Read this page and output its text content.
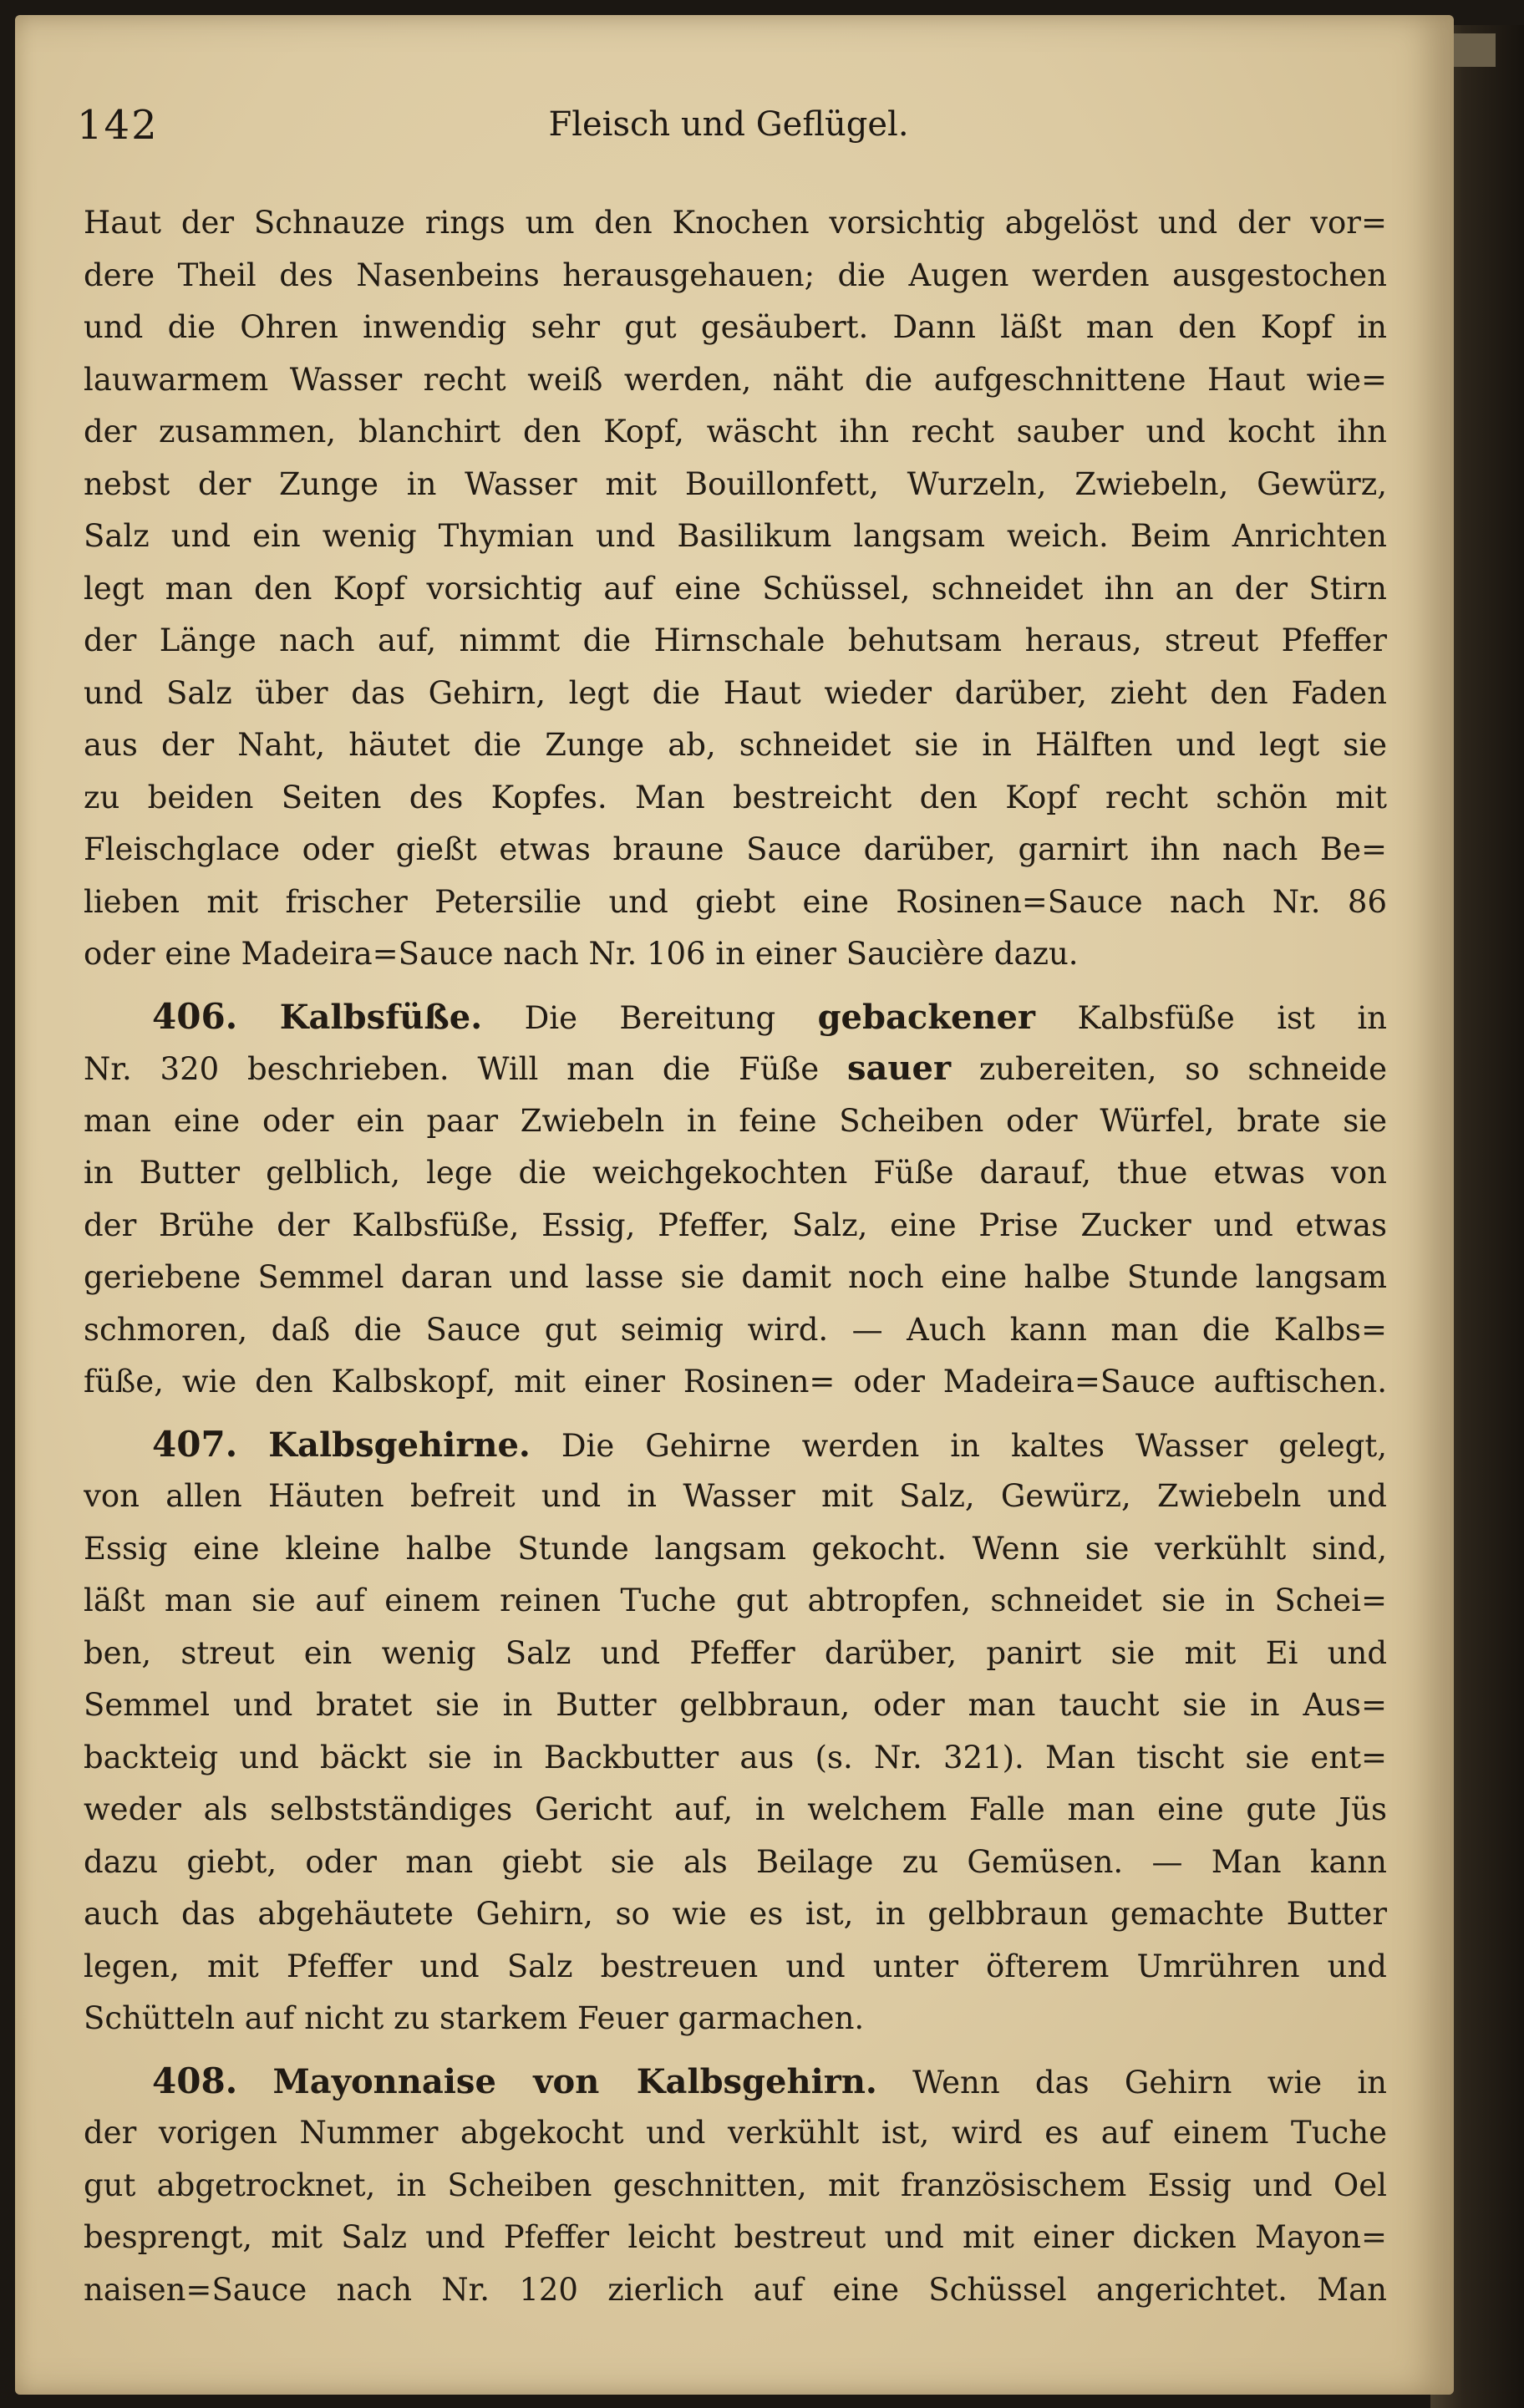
142	Fleisch und Geflügel.
Haut der Schnauze rings um den Knochen vorsichtig abgelöst und der vor=
dere Theil des Nasenbeins herausgehauen; die Augen werden ausgestochen
und die Ohren inwendig sehr gut gesäubert. Dann läßt man den Kopf in
lauwarmem Wasser recht weiß werden, näht die aufgeschnittene Haut wie=
der zusammen, blanchirt den Kopf, wäscht ihn recht sauber und kocht ihn
nebst der Zunge in Wasser mit Bouillonfett, Wurzeln, Zwiebeln, Gewürz,
Salz und ein wenig Thymian und Basilikum langsam weich. Beim Anrichten
legt man den Kopf vorsichtig auf eine Schüssel, schneidet ihn an der Stirn
der Länge nach auf, nimmt die Hirnschale behutsam heraus, streut Pfeffer
und Salz über das Gehirn, legt die Haut wieder darüber, zieht den Faden
aus der Naht, häutet die Zunge ab, schneidet sie in Hälften und legt sie
zu beiden Seiten des Kopfes. Man bestreicht den Kopf recht schön mit
Fleischglace oder gießt etwas braune Sauce darüber, garnirt ihn nach Be=
lieben mit frischer Petersilie und giebt eine Rosinen=Sauce nach Nr. 86
oder eine Madeira=Sauce nach Nr. 106 in einer Saucière dazu.
406. Kalbsfüße. Die Bereitung gebackener Kalbsfüße ist in
Nr. 320 beschrieben. Will man die Füße sauer zubereiten, so schneide
man eine oder ein paar Zwiebeln in feine Scheiben oder Würfel, brate sie
in Butter gelblich, lege die weichgekochten Füße darauf, thue etwas von
der Brühe der Kalbsfüße, Essig, Pfeffer, Salz, eine Prise Zucker und etwas
geriebene Semmel daran und lasse sie damit noch eine halbe Stunde langsam
schmoren, daß die Sauce gut seimig wird. — Auch kann man die Kalbs=
füße, wie den Kalbskopf, mit einer Rosinen= oder Madeira=Sauce auftischen.
407. Kalbsgehirne. Die Gehirne werden in kaltes Wasser gelegt,
von allen Häuten befreit und in Wasser mit Salz, Gewürz, Zwiebeln und
Essig eine kleine halbe Stunde langsam gekocht. Wenn sie verkühlt sind,
läßt man sie auf einem reinen Tuche gut abtropfen, schneidet sie in Schei=
ben, streut ein wenig Salz und Pfeffer darüber, panirt sie mit Ei und
Semmel und bratet sie in Butter gelbbraun, oder man taucht sie in Aus=
backteig und bäckt sie in Backbutter aus (s. Nr. 321). Man tischt sie ent=
weder als selbstständiges Gericht auf, in welchem Falle man eine gute Jüs
dazu giebt, oder man giebt sie als Beilage zu Gemüsen. — Man kann
auch das abgehäutete Gehirn, so wie es ist, in gelbbraun gemachte Butter
legen, mit Pfeffer und Salz bestreuen und unter öfterem Umrühren und
Schütteln auf nicht zu starkem Feuer garmachen.
408. Mayonnaise von Kalbsgehirn. Wenn das Gehirn wie in
der vorigen Nummer abgekocht und verkühlt ist, wird es auf einem Tuche
gut abgetrocknet, in Scheiben geschnitten, mit französischem Essig und Oel
besprengt, mit Salz und Pfeffer leicht bestreut und mit einer dicken Mayon=
naisen=Sauce nach Nr. 120 zierlich auf eine Schüssel angerichtet. Man
